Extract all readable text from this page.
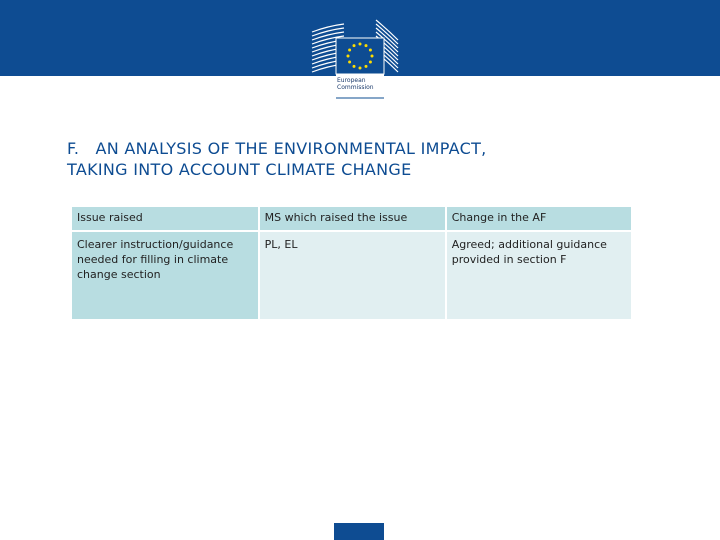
European
Commission
F.   AN ANALYSIS OF THE ENVIRONMENTAL IMPACT,
TAKING INTO ACCOUNT CLIMATE CHANGE
Issue raised	MS which raised the issue	Change in the AF
Clearer instruction/guidance needed for filling in climate change section	PL, EL	Agreed; additional guidance provided in section F
